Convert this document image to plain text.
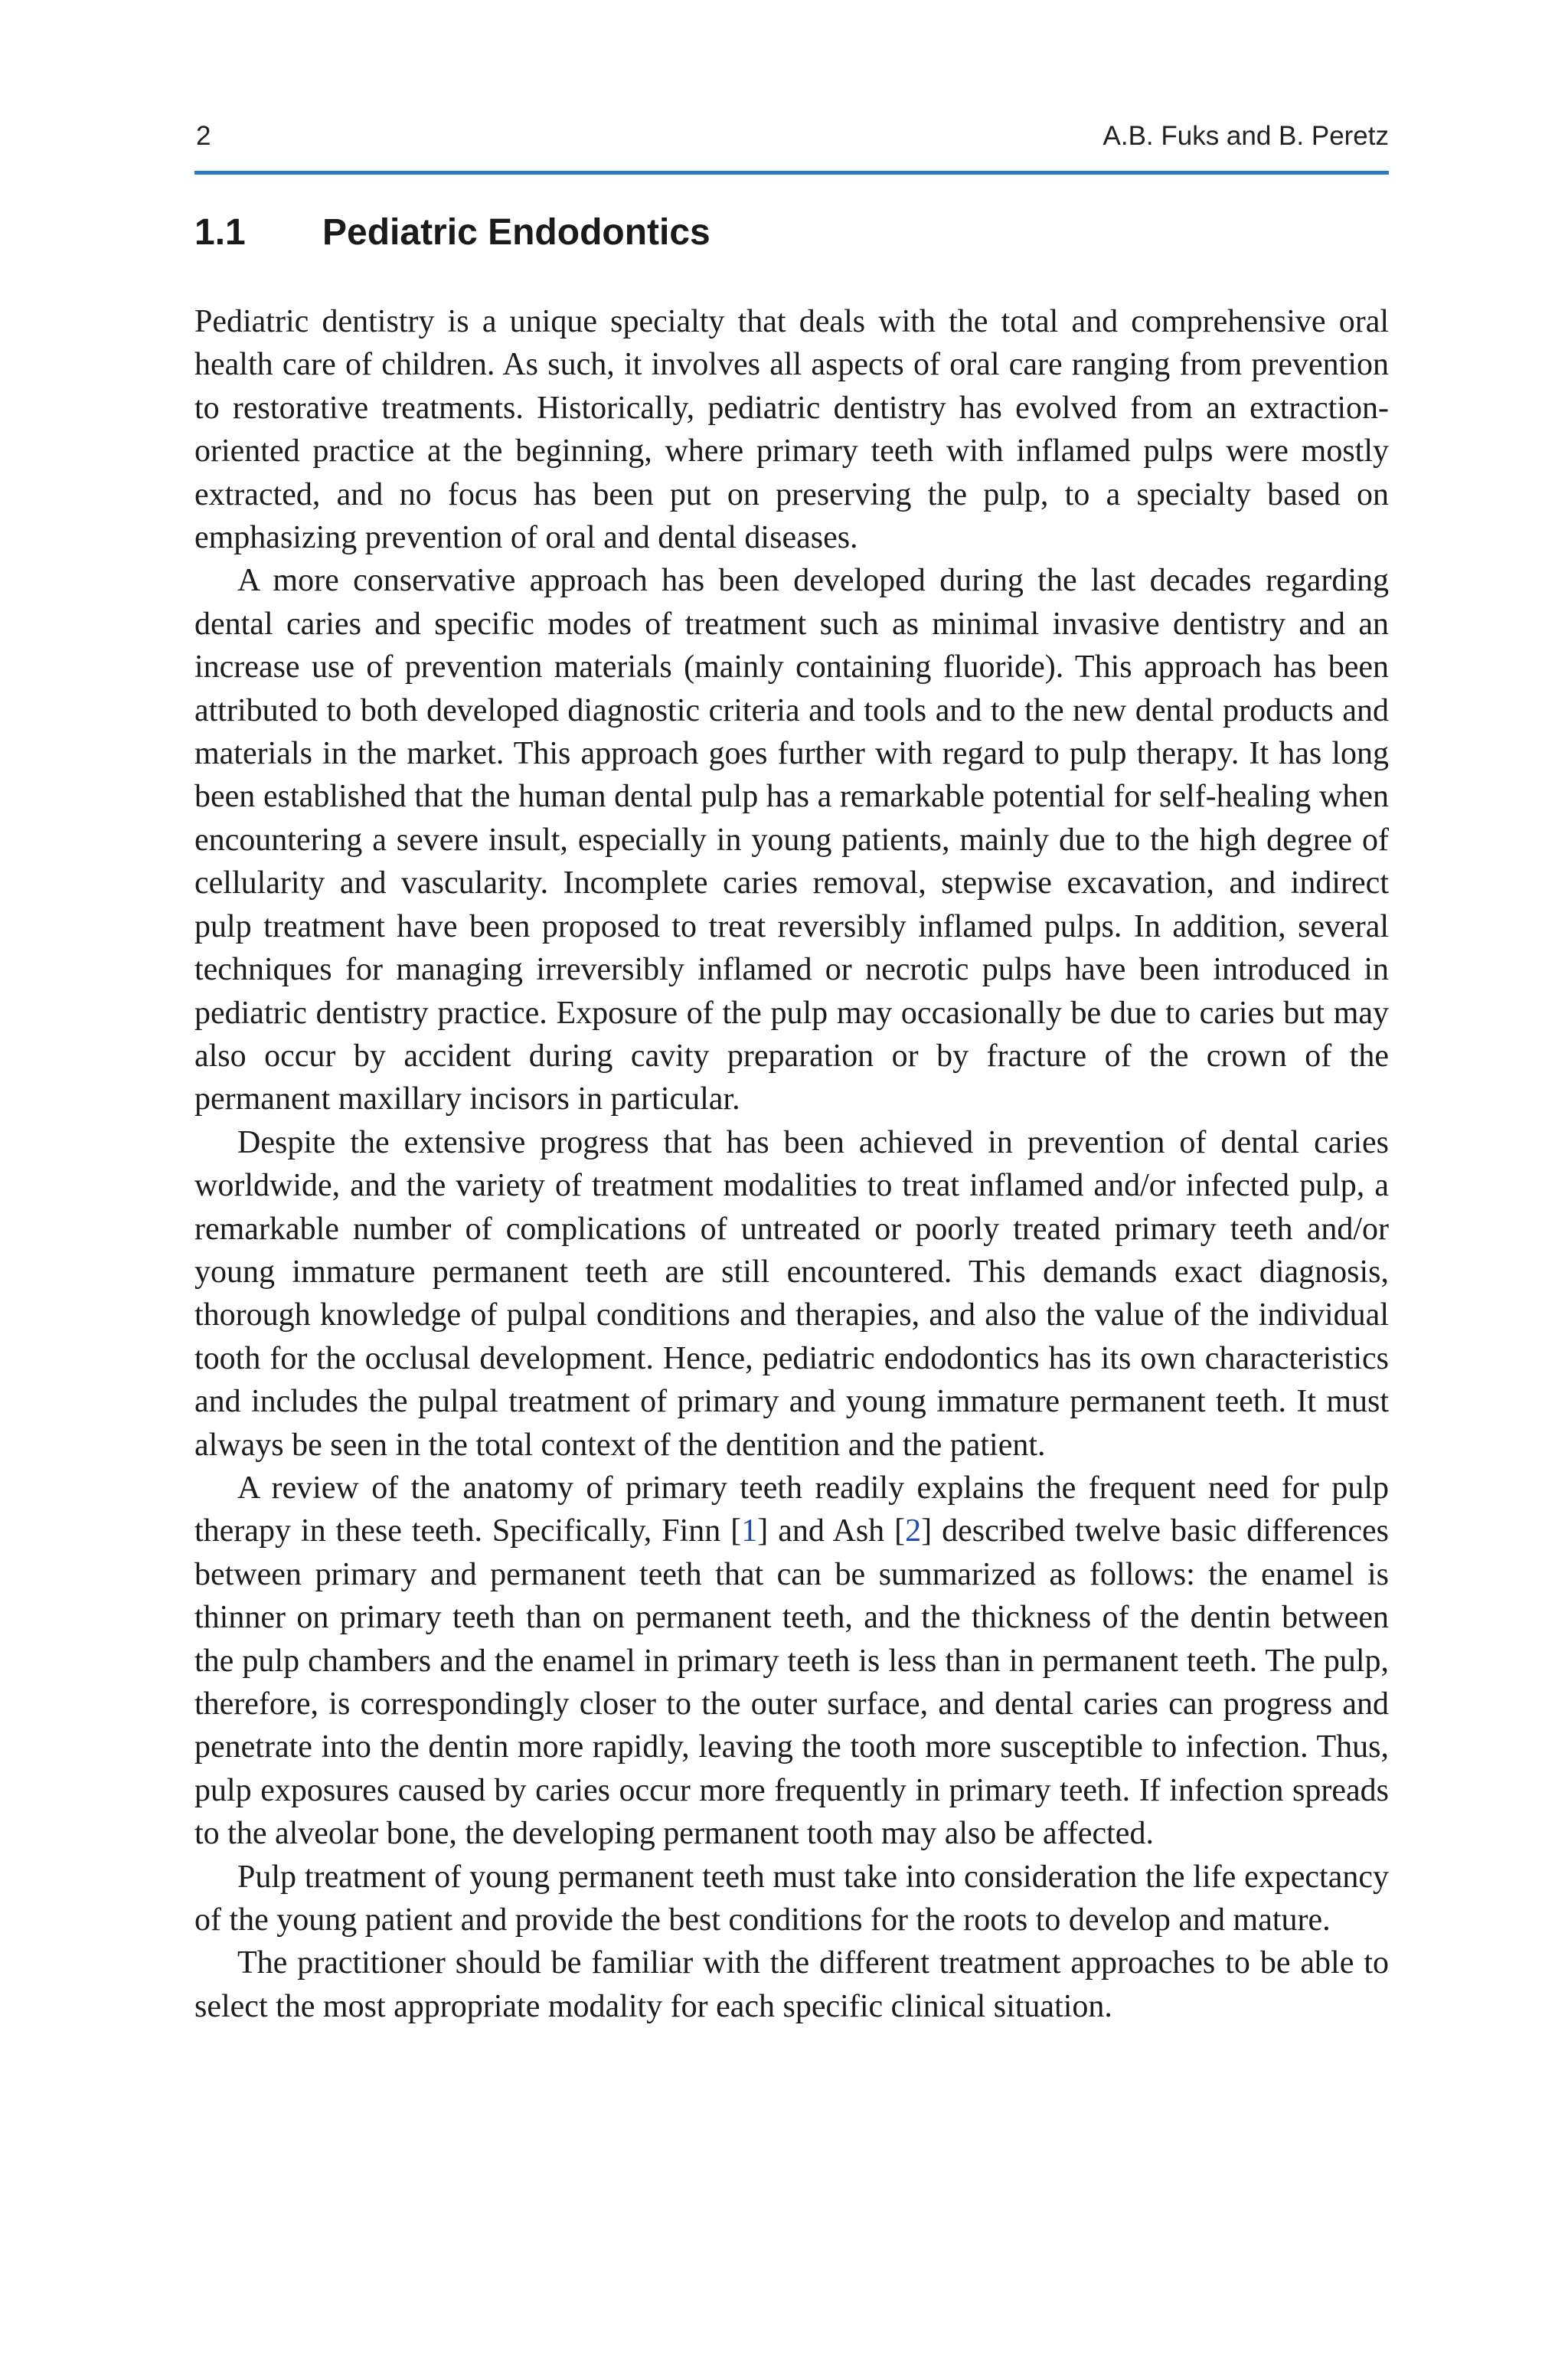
2	A.B. Fuks and B. Peretz
1.1 Pediatric Endodontics

Pediatric dentistry is a unique specialty that deals with the total and comprehensive oral health care of children. As such, it involves all aspects of oral care ranging from prevention to restorative treatments. Historically, pediatric dentistry has evolved from an extraction-oriented practice at the beginning, where primary teeth with inflamed pulps were mostly extracted, and no focus has been put on preserving the pulp, to a specialty based on emphasizing prevention of oral and dental diseases.

A more conservative approach has been developed during the last decades regarding dental caries and specific modes of treatment such as minimal invasive dentistry and an increase use of prevention materials (mainly containing fluoride). This approach has been attributed to both developed diagnostic criteria and tools and to the new dental products and materials in the market. This approach goes further with regard to pulp therapy. It has long been established that the human dental pulp has a remarkable potential for self-healing when encountering a severe insult, especially in young patients, mainly due to the high degree of cellularity and vascularity. Incomplete caries removal, stepwise excavation, and indirect pulp treatment have been proposed to treat reversibly inflamed pulps. In addition, several techniques for managing irreversibly inflamed or necrotic pulps have been introduced in pediatric dentistry practice. Exposure of the pulp may occasionally be due to caries but may also occur by accident during cavity preparation or by fracture of the crown of the permanent maxillary incisors in particular.

Despite the extensive progress that has been achieved in prevention of dental caries worldwide, and the variety of treatment modalities to treat inflamed and/or infected pulp, a remarkable number of complications of untreated or poorly treated primary teeth and/or young immature permanent teeth are still encountered. This demands exact diagnosis, thorough knowledge of pulpal conditions and therapies, and also the value of the individual tooth for the occlusal development. Hence, pediatric endodontics has its own characteristics and includes the pulpal treatment of primary and young immature permanent teeth. It must always be seen in the total context of the dentition and the patient.

A review of the anatomy of primary teeth readily explains the frequent need for pulp therapy in these teeth. Specifically, Finn [1] and Ash [2] described twelve basic differences between primary and permanent teeth that can be summarized as follows: the enamel is thinner on primary teeth than on permanent teeth, and the thickness of the dentin between the pulp chambers and the enamel in primary teeth is less than in permanent teeth. The pulp, therefore, is correspondingly closer to the outer surface, and dental caries can progress and penetrate into the dentin more rapidly, leaving the tooth more susceptible to infection. Thus, pulp exposures caused by caries occur more frequently in primary teeth. If infection spreads to the alveolar bone, the developing permanent tooth may also be affected.

Pulp treatment of young permanent teeth must take into consideration the life expectancy of the young patient and provide the best conditions for the roots to develop and mature.

The practitioner should be familiar with the different treatment approaches to be able to select the most appropriate modality for each specific clinical situation.
